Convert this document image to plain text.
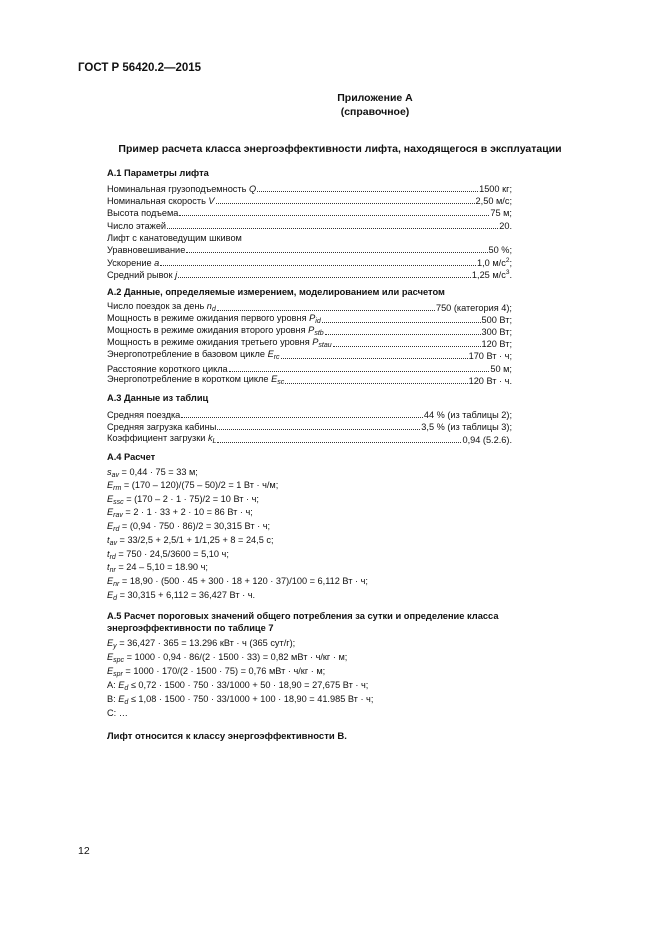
ГОСТ Р 56420.2—2015
Приложение А
(справочное)
Пример расчета класса энергоэффективности лифта, находящегося в эксплуатации
А.1 Параметры лифта
Номинальная грузоподъемность Q	1500 кг;
Номинальная скорость V	2,50 м/с;
Высота подъема	75 м;
Число этажей	20.
Лифт с канатоведущим шкивом
Уравновешивание	50 %;
Ускорение a	1,0 $м/с^2$;
Средний рывок j	1,25 $м/с^3$.
А.2 Данные, определяемые измерением, моделированием или расчетом
Число поездок за день $n_d$	750 (категория 4);
Мощность в режиме ожидания первого уровня $P_{id}$	500 Вт;
Мощность в режиме ожидания второго уровня $P_{stb}$	300 Вт;
Мощность в режиме ожидания третьего уровня $P_{stau}$	120 Вт;
Энергопотребление в базовом цикле $E_{rc}$	170 Вт · ч;
Расстояние короткого цикла	50 м;
Энергопотребление в коротком цикле $E_{sc}$	120 Вт · ч.
А.3 Данные из таблиц
Средняя поездка	44 % (из таблицы 2);
Средняя загрузка кабины	3,5 % (из таблицы 3);
Коэффициент загрузки $k_L$	0,94 (5.2.6).
А.4 Расчет
$s_{av} = 0,44 \cdot 75 = 33$ м;
$E_{rm} = (170 - 120)/(75 - 50)/2 = 1$ Вт · ч/м;
$E_{ssc} = (170 - 2 \cdot 1 \cdot 75)/2 = 10$ Вт · ч;
$E_{rav} = 2 \cdot 1 \cdot 33 + 2 \cdot 10 = 86$ Вт · ч;
$E_{rd} = (0,94 \cdot 750 \cdot 86)/2 = 30,315$ Вт · ч;
$t_{av} = 33/2,5 + 2,5/1 + 1/1,25 + 8 = 24,5$ с;
$t_{rd} = 750 \cdot 24,5/3600 = 5,10$ ч;
$t_{nr} = 24 - 5,10 = 18.90$ ч;
$E_{nr} = 18,90 \cdot (500 \cdot 45 + 300 \cdot 18 + 120 \cdot 37)/100 = 6,112$ Вт · ч;
$E_d = 30,315 + 6,112 = 36,427$ Вт · ч.
А.5 Расчет пороговых значений общего потребления за сутки и определение класса
энергоэффективности по таблице 7
$E_y = 36,427 \cdot 365 = 13.296$ кВт · ч (365 сут/г);
$E_{spc} = 1000 \cdot 0,94 \cdot 86/(2 \cdot 1500 \cdot 33) = 0,82$ мВт · ч/кг · м;
$E_{spr} = 1000 \cdot 170/(2 \cdot 1500 \cdot 75) = 0,76$ мВт · ч/кг · м;
A: $E_d \le 0,72 \cdot 1500 \cdot 750 \cdot 33/1000 + 50 \cdot 18,90 = 27,675$ Вт · ч;
B: $E_d \le 1,08 \cdot 1500 \cdot 750 \cdot 33/1000 + 100 \cdot 18,90 = 41.985$ Вт · ч;
C: …
Лифт относится к классу энергоэффективности В.
12
